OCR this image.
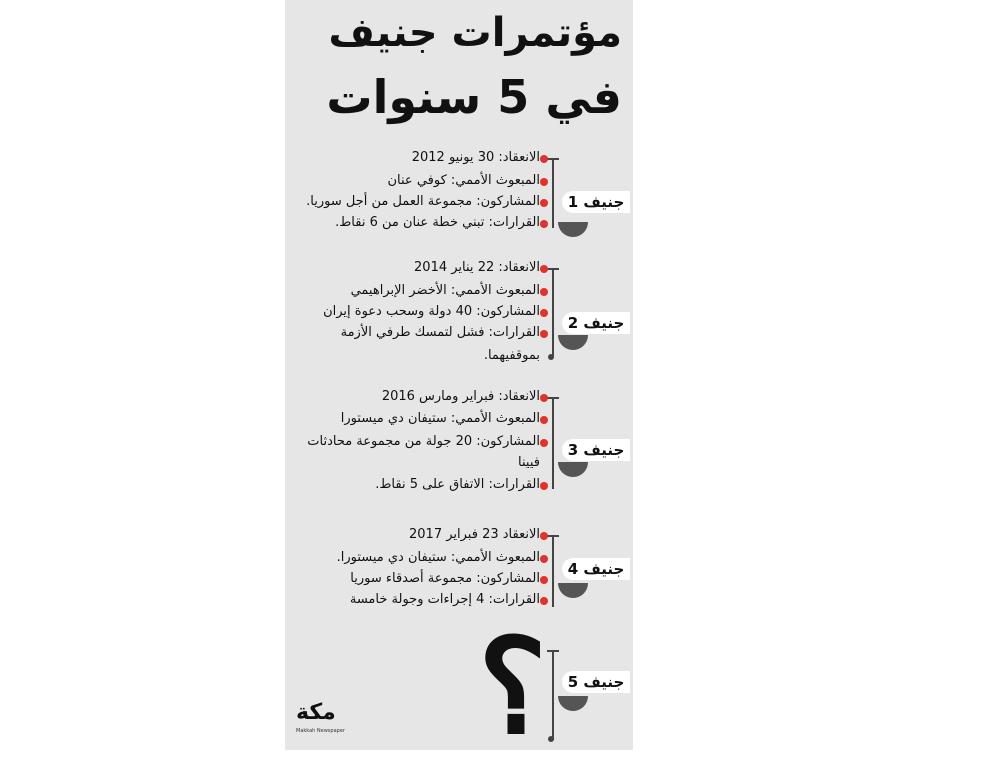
مؤتمرات جنيف
في 5 سنوات
الانعقاد: 30 يونيو 2012
المبعوث الأممي: كوفي عنان
المشاركون: مجموعة العمل من أجل سوريا.
القرارات: تبني خطة عنان من 6 نقاط.
جنيف 1
الانعقاد: 22 يناير 2014
المبعوث الأممي: الأخضر الإبراهيمي
المشاركون: 40 دولة وسحب دعوة إيران
القرارات: فشل لتمسك طرفي الأزمة
بموقفيهما.
جنيف 2
الانعقاد: فبراير ومارس 2016
المبعوث الأممي: ستيفان دي ميستورا
المشاركون: 20 جولة من مجموعة محادثات
فيينا
القرارات: الاتفاق على 5 نقاط.
جنيف 3
الانعقاد 23 فبراير 2017
المبعوث الأممي: ستيفان دي ميستورا.
المشاركون: مجموعة أصدقاء سوريا
القرارات: 4 إجراءات وجولة خامسة
جنيف 4
جنيف 5
؟
مكة
Makkah Newspaper
